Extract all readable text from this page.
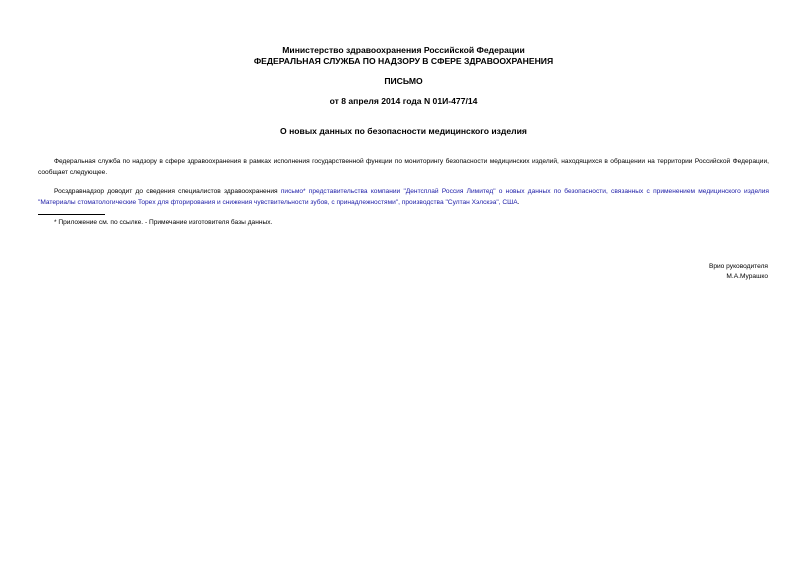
Министерство здравоохранения Российской Федерации
ФЕДЕРАЛЬНАЯ СЛУЖБА ПО НАДЗОРУ В СФЕРЕ ЗДРАВООХРАНЕНИЯ
ПИСЬМО
от 8 апреля 2014 года N 01И-477/14
О новых данных по безопасности медицинского изделия
Федеральная служба по надзору в сфере здравоохранения в рамках исполнения государственной функции по мониторингу безопасности медицинских изделий, находящихся в обращении на территории Российской Федерации, сообщает следующее.
Росздравнадзор доводит до сведения специалистов здравоохранения письмо* представительства компании "Дентсплай Россия Лимитед" о новых данных по безопасности, связанных с применением медицинского изделия "Материалы стоматологические Topex для фторирования и снижения чувствительности зубов, с принадлежностями", производства "Султан Хэлскэа", США.
* Приложение см. по ссылке. - Примечание изготовителя базы данных.
Врио руководителя
М.А.Мурашко
